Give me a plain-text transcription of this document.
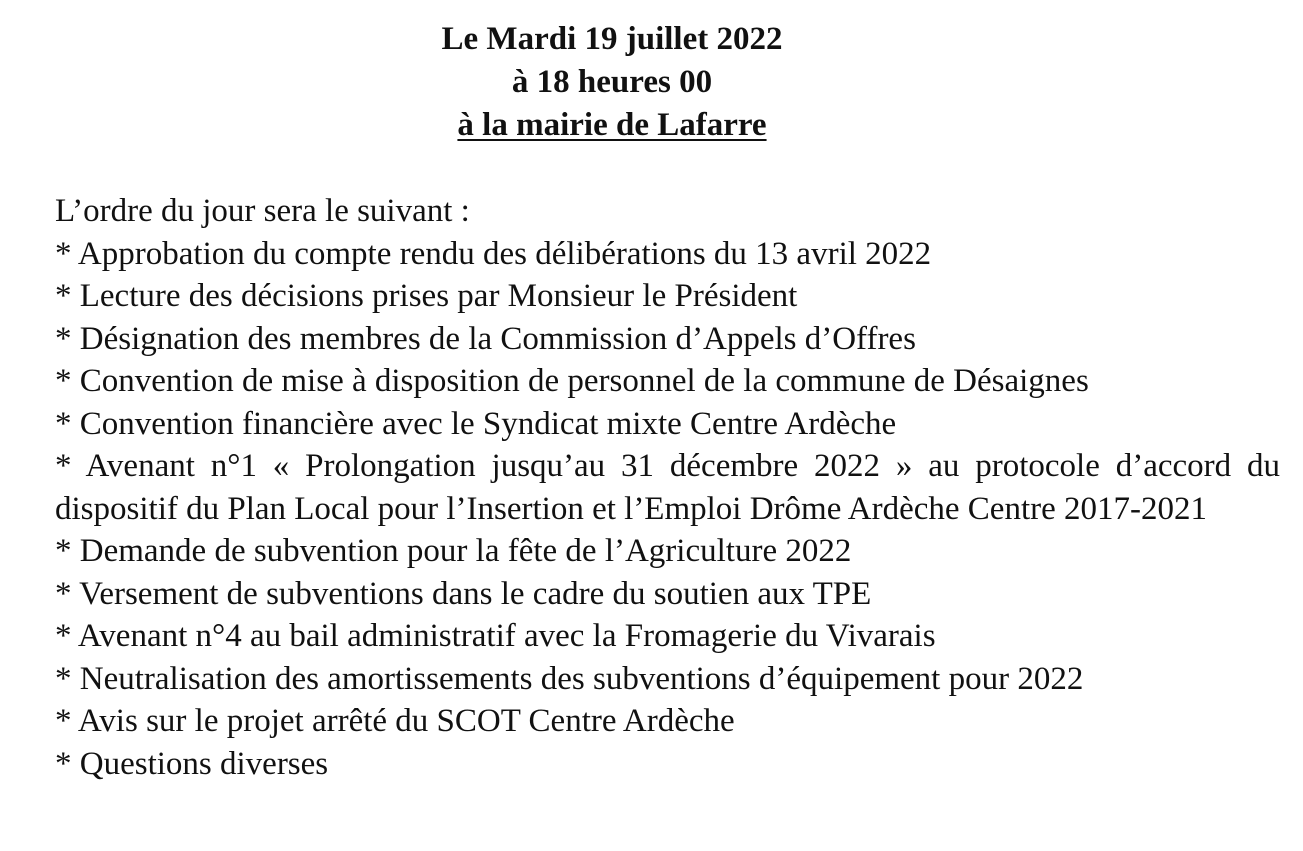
Le Mardi 19 juillet 2022
à 18 heures 00
à la mairie de Lafarre

L’ordre du jour sera le suivant :

* Approbation du compte rendu des délibérations du 13 avril 2022
* Lecture des décisions prises par Monsieur le Président
* Désignation des membres de la Commission d’Appels d’Offres
* Convention de mise à disposition de personnel de la commune de Désaignes
* Convention financière avec le Syndicat mixte Centre Ardèche
* Avenant n°1 « Prolongation jusqu’au 31 décembre 2022 » au protocole d’accord du dispositif du Plan Local pour l’Insertion et l’Emploi Drôme Ardèche Centre 2017-2021
* Demande de subvention pour la fête de l’Agriculture 2022
* Versement de subventions dans le cadre du soutien aux TPE
* Avenant n°4 au bail administratif avec la Fromagerie du Vivarais
* Neutralisation des amortissements des subventions d’équipement pour 2022
* Avis sur le projet arrêté du SCOT Centre Ardèche
* Questions diverses
